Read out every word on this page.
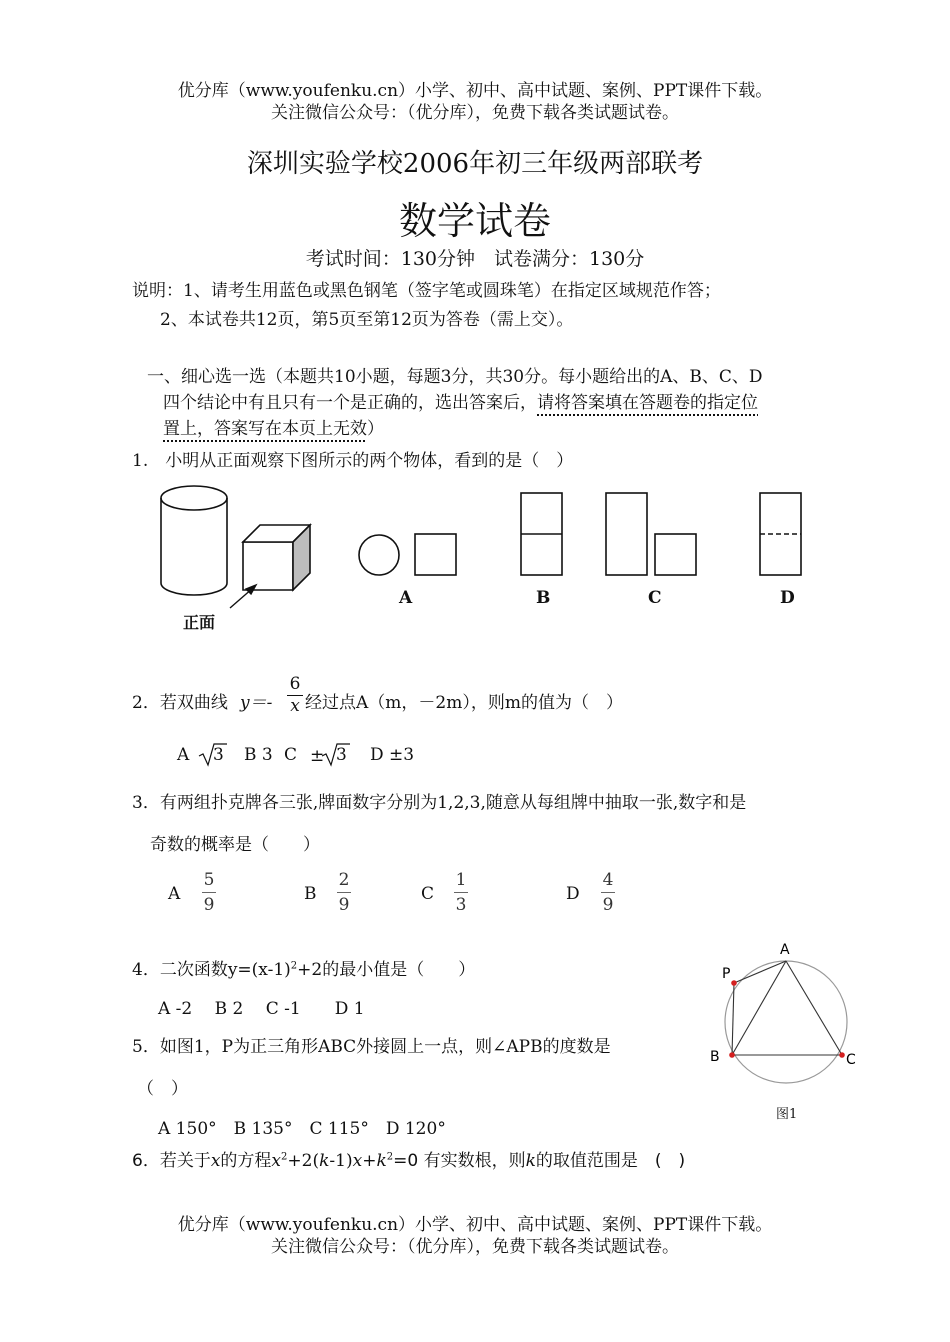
优分库（www.youfenku.cn）小学、初中、高中试题、案例、PPT课件下载。
关注微信公众号：（优分库），免费下载各类试题试卷。
深圳实验学校2006年初三年级两部联考
数学试卷
考试时间：130分钟　试卷满分：130分
说明：1、请考生用蓝色或黑色钢笔（签字笔或圆珠笔）在指定区域规范作答；
2、本试卷共12页，第5页至第12页为答卷（需上交）。
一、细心选一选（本题共10小题，每题3分，共30分。每小题给出的A、B、C、D
四个结论中有且只有一个是正确的，选出答案后，请将答案填在答题卷的指定位
置上，答案写在本页上无效）
1.　小明从正面观察下图所示的两个物体，看到的是（　）
正面
A	B	C	D
2．若双曲线 y＝-
6
x 经过点A（m，－2m），则m的值为（　）
A 3 B 3 C ± 3 D ±3
3．有两组扑克牌各三张,牌面数字分别为1,2,3,随意从每组牌中抽取一张,数字和是
奇数的概率是（　　）
A $\frac{5}{9}$	B $\frac{2}{9}$	C $\frac{1}{3}$	D $\frac{4}{9}$
4．二次函数$y=(x-1)^2+2$的最小值是（　　）
A -2　 B 2　 C -1　　D 1
5．如图1，P为正三角形ABC外接圆上一点，则∠APB的度数是
（　）
A 150°　B 135°　C 115°　D 120°
A
P
B	C
图1
6．若关于x的方程$x^2+2(k-1)x+k^2=0$ 有实数根，则k的取值范围是　(　)
优分库（www.youfenku.cn）小学、初中、高中试题、案例、PPT课件下载。
关注微信公众号：（优分库），免费下载各类试题试卷。
